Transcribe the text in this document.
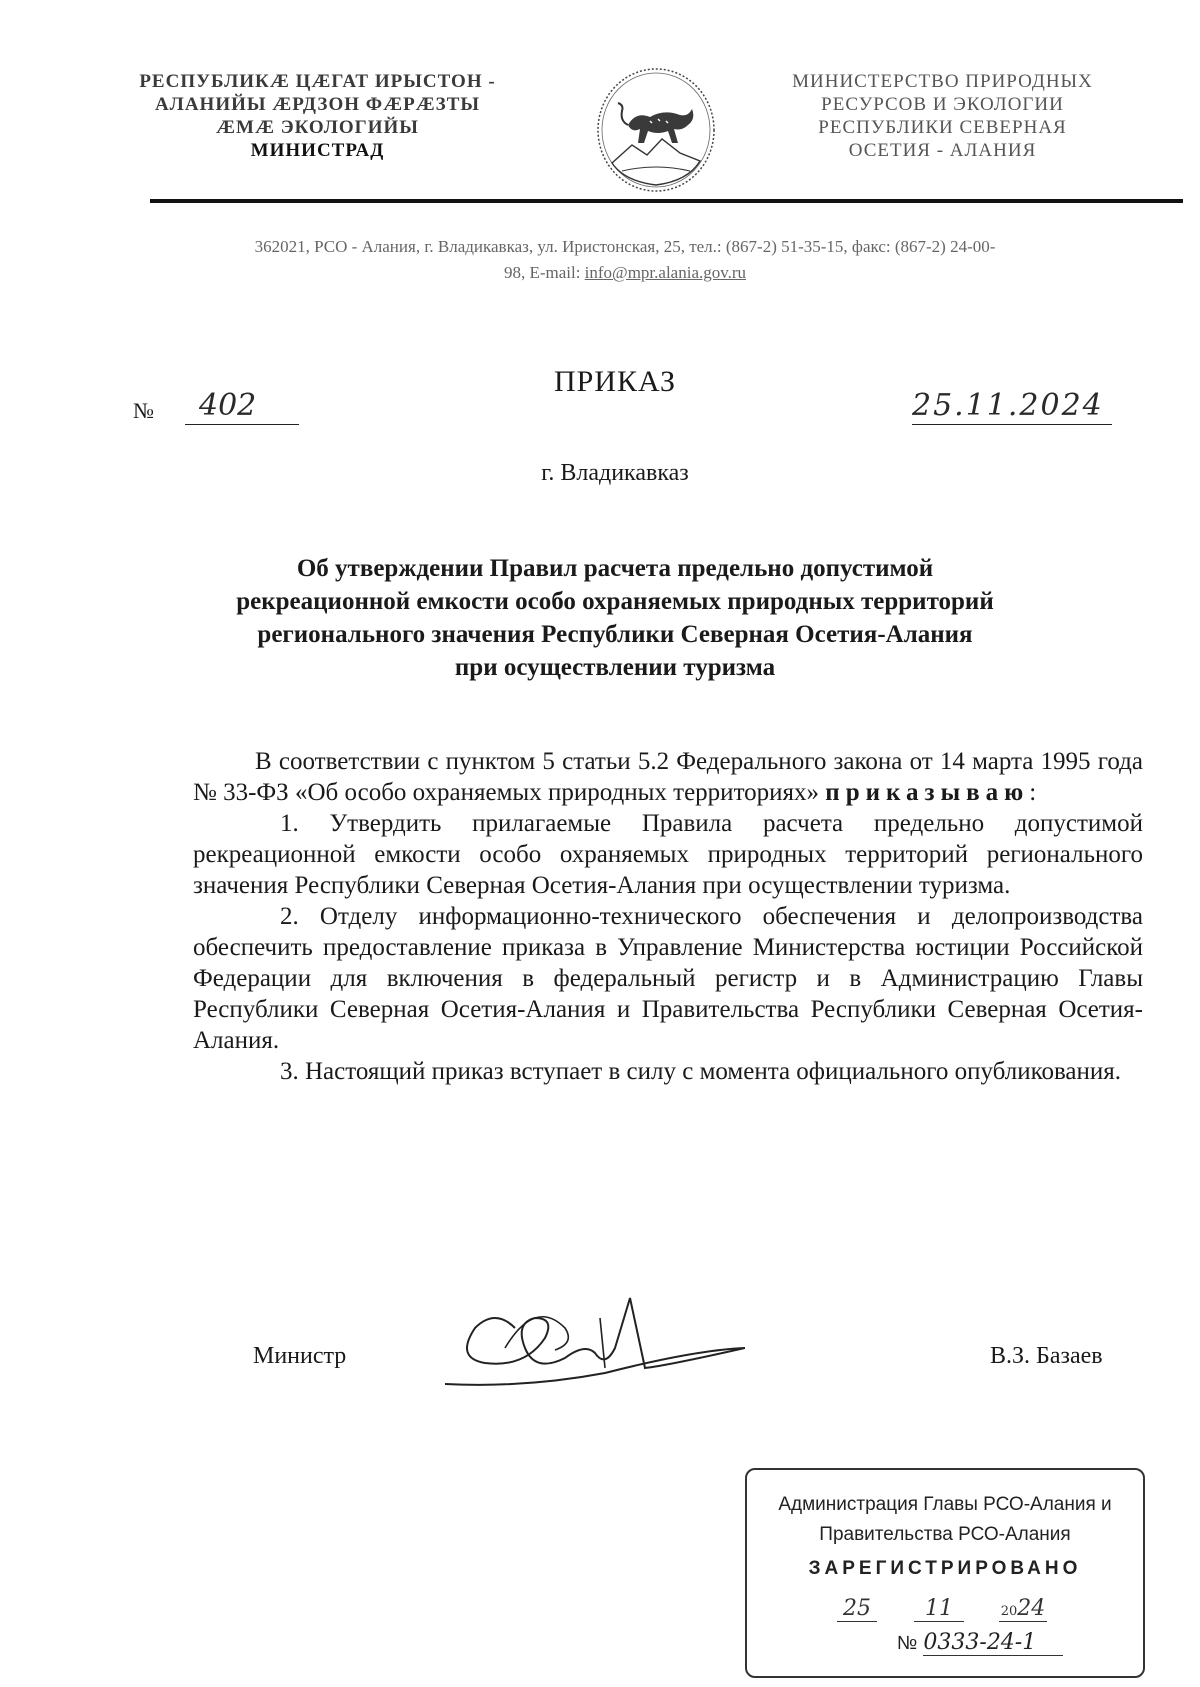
РЕСПУБЛИКÆ ЦÆГАТ ИРЫСТОН -
АЛАНИЙЫ ÆРДЗОН ФÆРÆЗТЫ
ÆМÆ ЭКОЛОГИЙЫ
МИНИСТРАД
МИНИСТЕРСТВО ПРИРОДНЫХ
РЕСУРСОВ И ЭКОЛОГИИ
РЕСПУБЛИКИ СЕВЕРНАЯ
ОСЕТИЯ - АЛАНИЯ
362021, РСО - Алания, г. Владикавказ, ул. Иристонская, 25, тел.: (867-2) 51-35-15, факс: (867-2) 24-00-
98, E-mail: info@mpr.alania.gov.ru
ПРИКАЗ
№	402	25.11.2024
г. Владикавказ
Об утверждении Правил расчета предельно допустимой
рекреационной емкости особо охраняемых природных территорий
регионального значения Республики Северная Осетия-Алания
при осуществлении туризма

В соответствии с пунктом 5 статьи 5.2 Федерального закона от 14 марта 1995 года № 33-ФЗ «Об особо охраняемых природных территориях» приказываю:

1. Утвердить прилагаемые Правила расчета предельно допустимой рекреационной емкости особо охраняемых природных территорий регионального значения Республики Северная Осетия-Алания при осуществлении туризма.

2. Отделу информационно-технического обеспечения и делопроизводства обеспечить предоставление приказа в Управление Министерства юстиции Российской Федерации для включения в федеральный регистр и в Администрацию Главы Республики Северная Осетия-Алания и Правительства Республики Северная Осетия-Алания.

3. Настоящий приказ вступает в силу с момента официального опубликования.

Министр	В.З. Базаев
Администрация Главы РСО-Алания и
Правительства РСО-Алания
ЗАРЕГИСТРИРОВАНО
25 11	2024
№ 0333-24-1
